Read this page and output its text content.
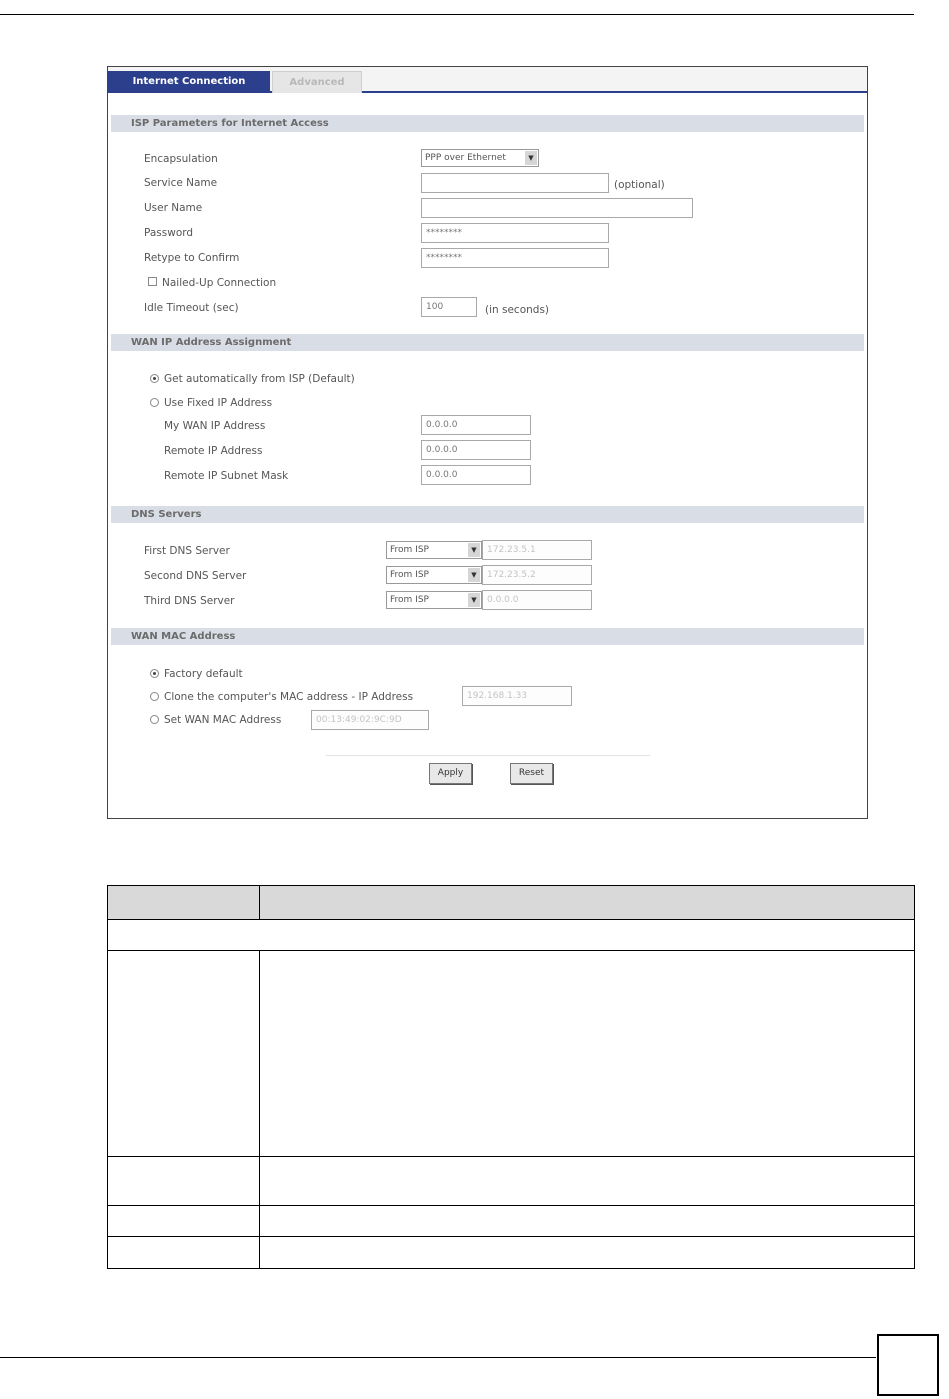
Internet Connection	Advanced
ISP Parameters for Internet Access
Encapsulation	PPP over Ethernet	▼
Service Name	(optional)
User Name
Password	********
Retype to Confirm	********
Nailed-Up Connection
Idle Timeout (sec)	100	(in seconds)
WAN IP Address Assignment
Get automatically from ISP (Default)
Use Fixed IP Address
My WAN IP Address	0.0.0.0
Remote IP Address	0.0.0.0
Remote IP Subnet Mask	0.0.0.0
DNS Servers
First DNS Server	From ISP	▼	172.23.5.1
Second DNS Server	From ISP	▼	172.23.5.2
Third DNS Server	From ISP	▼	0.0.0.0
WAN MAC Address
Factory default
Clone the computer's MAC address - IP Address	192.168.1.33
Set WAN MAC Address	00:13:49:02:9C:9D
Apply	Reset
